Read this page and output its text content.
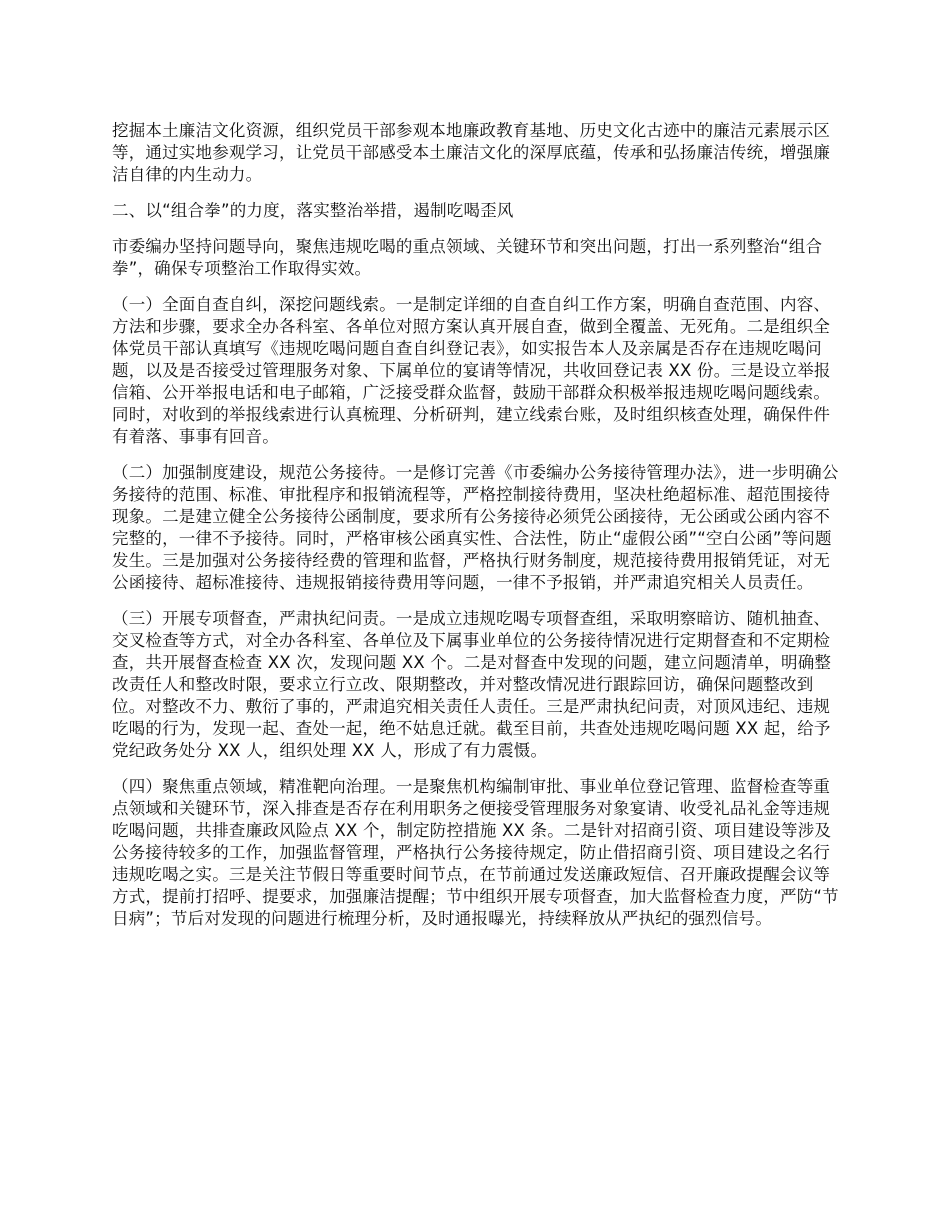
挖掘本土廉洁文化资源，组织党员干部参观本地廉政教育基地、历史文化古迹中的廉洁元素展示区等，通过实地参观学习，让党员干部感受本土廉洁文化的深厚底蕴，传承和弘扬廉洁传统，增强廉洁自律的内生动力。

二、以“组合拳”的力度，落实整治举措，遏制吃喝歪风

市委编办坚持问题导向，聚焦违规吃喝的重点领域、关键环节和突出问题，打出一系列整治“组合拳”，确保专项整治工作取得实效。

（一）全面自查自纠，深挖问题线索。一是制定详细的自查自纠工作方案，明确自查范围、内容、方法和步骤，要求全办各科室、各单位对照方案认真开展自查，做到全覆盖、无死角。二是组织全体党员干部认真填写《违规吃喝问题自查自纠登记表》，如实报告本人及亲属是否存在违规吃喝问题，以及是否接受过管理服务对象、下属单位的宴请等情况，共收回登记表 XX 份。三是设立举报信箱、公开举报电话和电子邮箱，广泛接受群众监督，鼓励干部群众积极举报违规吃喝问题线索。同时，对收到的举报线索进行认真梳理、分析研判，建立线索台账，及时组织核查处理，确保件件有着落、事事有回音。

（二）加强制度建设，规范公务接待。一是修订完善《市委编办公务接待管理办法》，进一步明确公务接待的范围、标准、审批程序和报销流程等，严格控制接待费用，坚决杜绝超标准、超范围接待现象。二是建立健全公务接待公函制度，要求所有公务接待必须凭公函接待，无公函或公函内容不完整的，一律不予接待。同时，严格审核公函真实性、合法性，防止“虚假公函”“空白公函”等问题发生。三是加强对公务接待经费的管理和监督，严格执行财务制度，规范接待费用报销凭证，对无公函接待、超标准接待、违规报销接待费用等问题，一律不予报销，并严肃追究相关人员责任。

（三）开展专项督查，严肃执纪问责。一是成立违规吃喝专项督查组，采取明察暗访、随机抽查、交叉检查等方式，对全办各科室、各单位及下属事业单位的公务接待情况进行定期督查和不定期检查，共开展督查检查 XX 次，发现问题 XX 个。二是对督查中发现的问题，建立问题清单，明确整改责任人和整改时限，要求立行立改、限期整改，并对整改情况进行跟踪回访，确保问题整改到位。对整改不力、敷衍了事的，严肃追究相关责任人责任。三是严肃执纪问责，对顶风违纪、违规吃喝的行为，发现一起、查处一起，绝不姑息迁就。截至目前，共查处违规吃喝问题 XX 起，给予党纪政务处分 XX 人，组织处理 XX 人，形成了有力震慑。

（四）聚焦重点领域，精准靶向治理。一是聚焦机构编制审批、事业单位登记管理、监督检查等重点领域和关键环节，深入排查是否存在利用职务之便接受管理服务对象宴请、收受礼品礼金等违规吃喝问题，共排查廉政风险点 XX 个，制定防控措施 XX 条。二是针对招商引资、项目建设等涉及公务接待较多的工作，加强监督管理，严格执行公务接待规定，防止借招商引资、项目建设之名行违规吃喝之实。三是关注节假日等重要时间节点，在节前通过发送廉政短信、召开廉政提醒会议等方式，提前打招呼、提要求，加强廉洁提醒；节中组织开展专项督查，加大监督检查力度，严防“节日病”；节后对发现的问题进行梳理分析，及时通报曝光，持续释放从严执纪的强烈信号。
